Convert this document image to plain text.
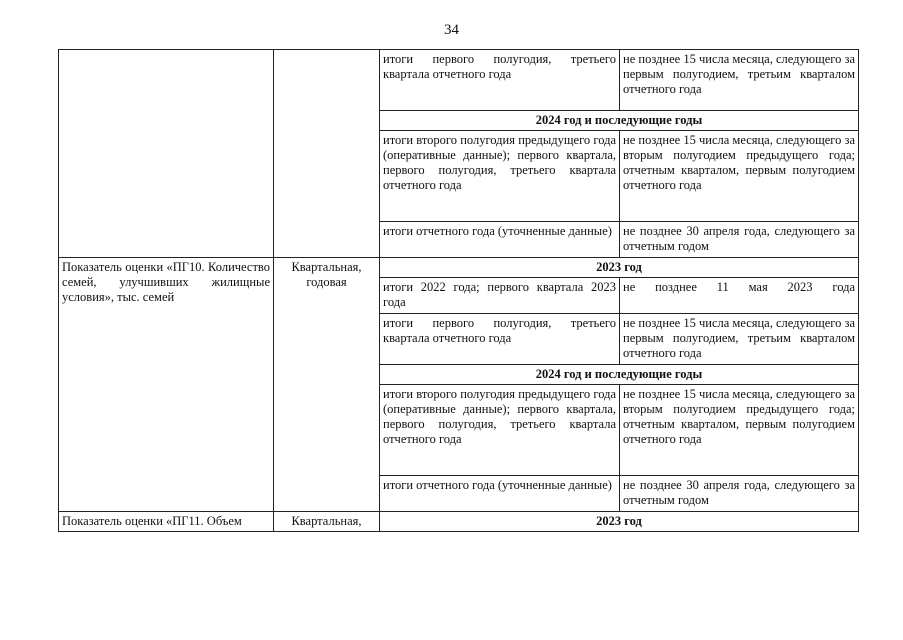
34
		итоги первого полугодия, третьего квартала отчетного года	не позднее 15 числа месяца, следующего за первым полугодием, третьим кварталом отчетного года
		2024 год и последующие годы	
		итоги второго полугодия предыдущего года (оперативные данные); первого квартала, первого полугодия, третьего квартала отчетного года	не позднее 15 числа месяца, следующего за вторым полугодием предыдущего года; отчетным кварталом, первым полугодием отчетного года
		итоги отчетного года (уточненные данные)	не позднее 30 апреля года, следующего за отчетным годом

Показатель оценки «ПГ10. Количество семей, улучшивших жилищные условия», тыс. семей	Квартальная, годовая	2023 год	
		итоги 2022 года; первого квартала 2023 года	не позднее 11 мая 2023 года
		итоги первого полугодия, третьего квартала отчетного года	не позднее 15 числа месяца, следующего за первым полугодием, третьим кварталом отчетного года
		2024 год и последующие годы	
		итоги второго полугодия предыдущего года (оперативные данные); первого квартала, первого полугодия, третьего квартала отчетного года	не позднее 15 числа месяца, следующего за вторым полугодием предыдущего года; отчетным кварталом, первым полугодием отчетного года
		итоги отчетного года (уточненные данные)	не позднее 30 апреля года, следующего за отчетным годом

Показатель оценки «ПГ11. Объем	Квартальная,	2023 год	
